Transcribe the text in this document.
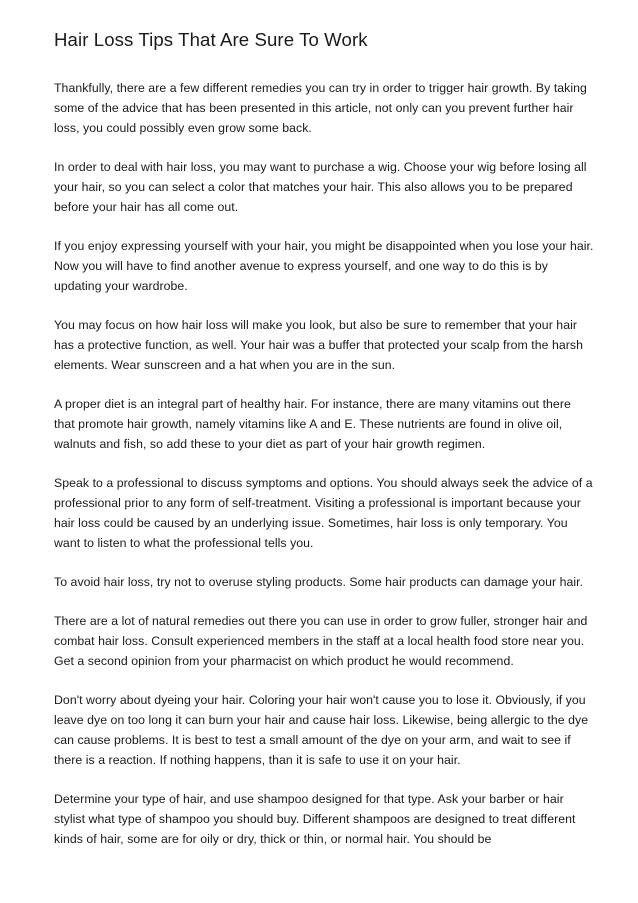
Hair Loss Tips That Are Sure To Work

Thankfully, there are a few different remedies you can try in order to trigger hair growth. By taking some of the advice that has been presented in this article, not only can you prevent further hair loss, you could possibly even grow some back.

In order to deal with hair loss, you may want to purchase a wig. Choose your wig before losing all your hair, so you can select a color that matches your hair. This also allows you to be prepared before your hair has all come out.

If you enjoy expressing yourself with your hair, you might be disappointed when you lose your hair. Now you will have to find another avenue to express yourself, and one way to do this is by updating your wardrobe.

You may focus on how hair loss will make you look, but also be sure to remember that your hair has a protective function, as well. Your hair was a buffer that protected your scalp from the harsh elements. Wear sunscreen and a hat when you are in the sun.

A proper diet is an integral part of healthy hair. For instance, there are many vitamins out there that promote hair growth, namely vitamins like A and E. These nutrients are found in olive oil, walnuts and fish, so add these to your diet as part of your hair growth regimen.

Speak to a professional to discuss symptoms and options. You should always seek the advice of a professional prior to any form of self-treatment. Visiting a professional is important because your hair loss could be caused by an underlying issue. Sometimes, hair loss is only temporary. You want to listen to what the professional tells you.

To avoid hair loss, try not to overuse styling products. Some hair products can damage your hair.

There are a lot of natural remedies out there you can use in order to grow fuller, stronger hair and combat hair loss. Consult experienced members in the staff at a local health food store near you. Get a second opinion from your pharmacist on which product he would recommend.

Don't worry about dyeing your hair. Coloring your hair won't cause you to lose it. Obviously, if you leave dye on too long it can burn your hair and cause hair loss. Likewise, being allergic to the dye can cause problems. It is best to test a small amount of the dye on your arm, and wait to see if there is a reaction. If nothing happens, than it is safe to use it on your hair.

Determine your type of hair, and use shampoo designed for that type. Ask your barber or hair stylist what type of shampoo you should buy. Different shampoos are designed to treat different kinds of hair, some are for oily or dry, thick or thin, or normal hair. You should be
